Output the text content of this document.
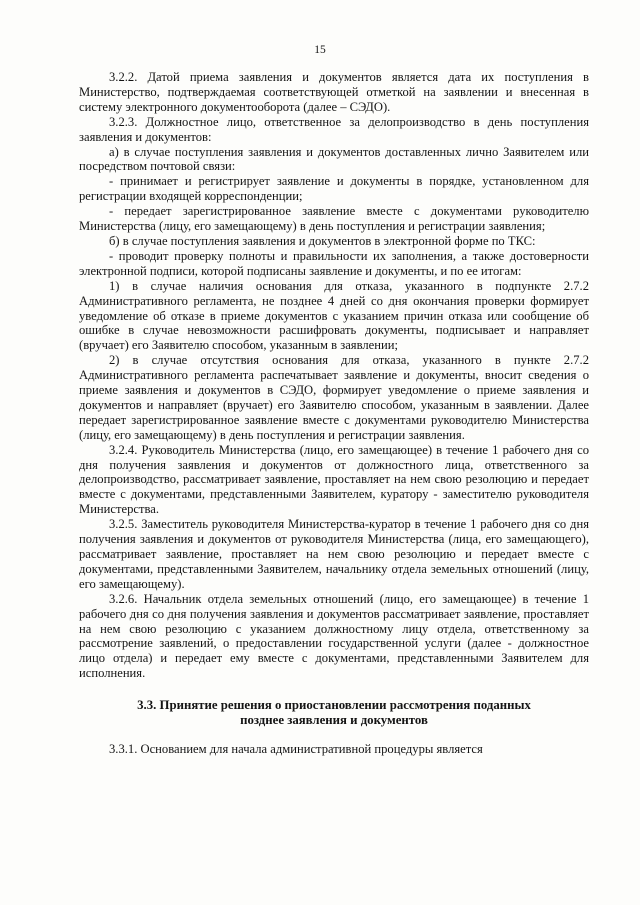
15

3.2.2. Датой приема заявления и документов является дата их поступления в Министерство, подтверждаемая соответствующей отметкой на заявлении и внесенная в систему электронного документооборота (далее – СЭДО).

3.2.3. Должностное лицо, ответственное за делопроизводство в день поступления заявления и документов:

а) в случае поступления заявления и документов доставленных лично Заявителем или посредством почтовой связи:

- принимает и регистрирует заявление и документы в порядке, установленном для регистрации входящей корреспонденции;

- передает зарегистрированное заявление вместе с документами руководителю Министерства (лицу, его замещающему) в день поступления и регистрации заявления;

б) в случае поступления заявления и документов в электронной форме по ТКС:

- проводит проверку полноты и правильности их заполнения, а также достоверности электронной подписи, которой подписаны заявление и документы, и по ее итогам:

1) в случае наличия основания для отказа, указанного в подпункте 2.7.2 Административного регламента, не позднее 4 дней со дня окончания проверки формирует уведомление об отказе в приеме документов с указанием причин отказа или сообщение об ошибке в случае невозможности расшифровать документы, подписывает и направляет (вручает) его Заявителю способом, указанным в заявлении;

2) в случае отсутствия основания для отказа, указанного в пункте 2.7.2 Административного регламента распечатывает заявление и документы, вносит сведения о приеме заявления и документов в СЭДО, формирует уведомление о приеме заявления и документов и направляет (вручает) его Заявителю способом, указанным в заявлении. Далее передает зарегистрированное заявление вместе с документами руководителю Министерства (лицу, его замещающему) в день поступления и регистрации заявления.

3.2.4. Руководитель Министерства (лицо, его замещающее) в течение 1 рабочего дня со дня получения заявления и документов от должностного лица, ответственного за делопроизводство, рассматривает заявление, проставляет на нем свою резолюцию и передает вместе с документами, представленными Заявителем, куратору - заместителю руководителя Министерства.

3.2.5. Заместитель руководителя Министерства-куратор в течение 1 рабочего дня со дня получения заявления и документов от руководителя Министерства (лица, его замещающего), рассматривает заявление, проставляет на нем свою резолюцию и передает вместе с документами, представленными Заявителем, начальнику отдела земельных отношений (лицу, его замещающему).

3.2.6. Начальник отдела земельных отношений (лицо, его замещающее) в течение 1 рабочего дня со дня получения заявления и документов рассматривает заявление, проставляет на нем свою резолюцию с указанием должностному лицу отдела, ответственному за рассмотрение заявлений, о предоставлении государственной услуги (далее - должностное лицо отдела) и передает ему вместе с документами, представленными Заявителем для исполнения.

3.3. Принятие решения о приостановлении рассмотрения поданных
позднее заявления и документов

3.3.1. Основанием для начала административной процедуры является
